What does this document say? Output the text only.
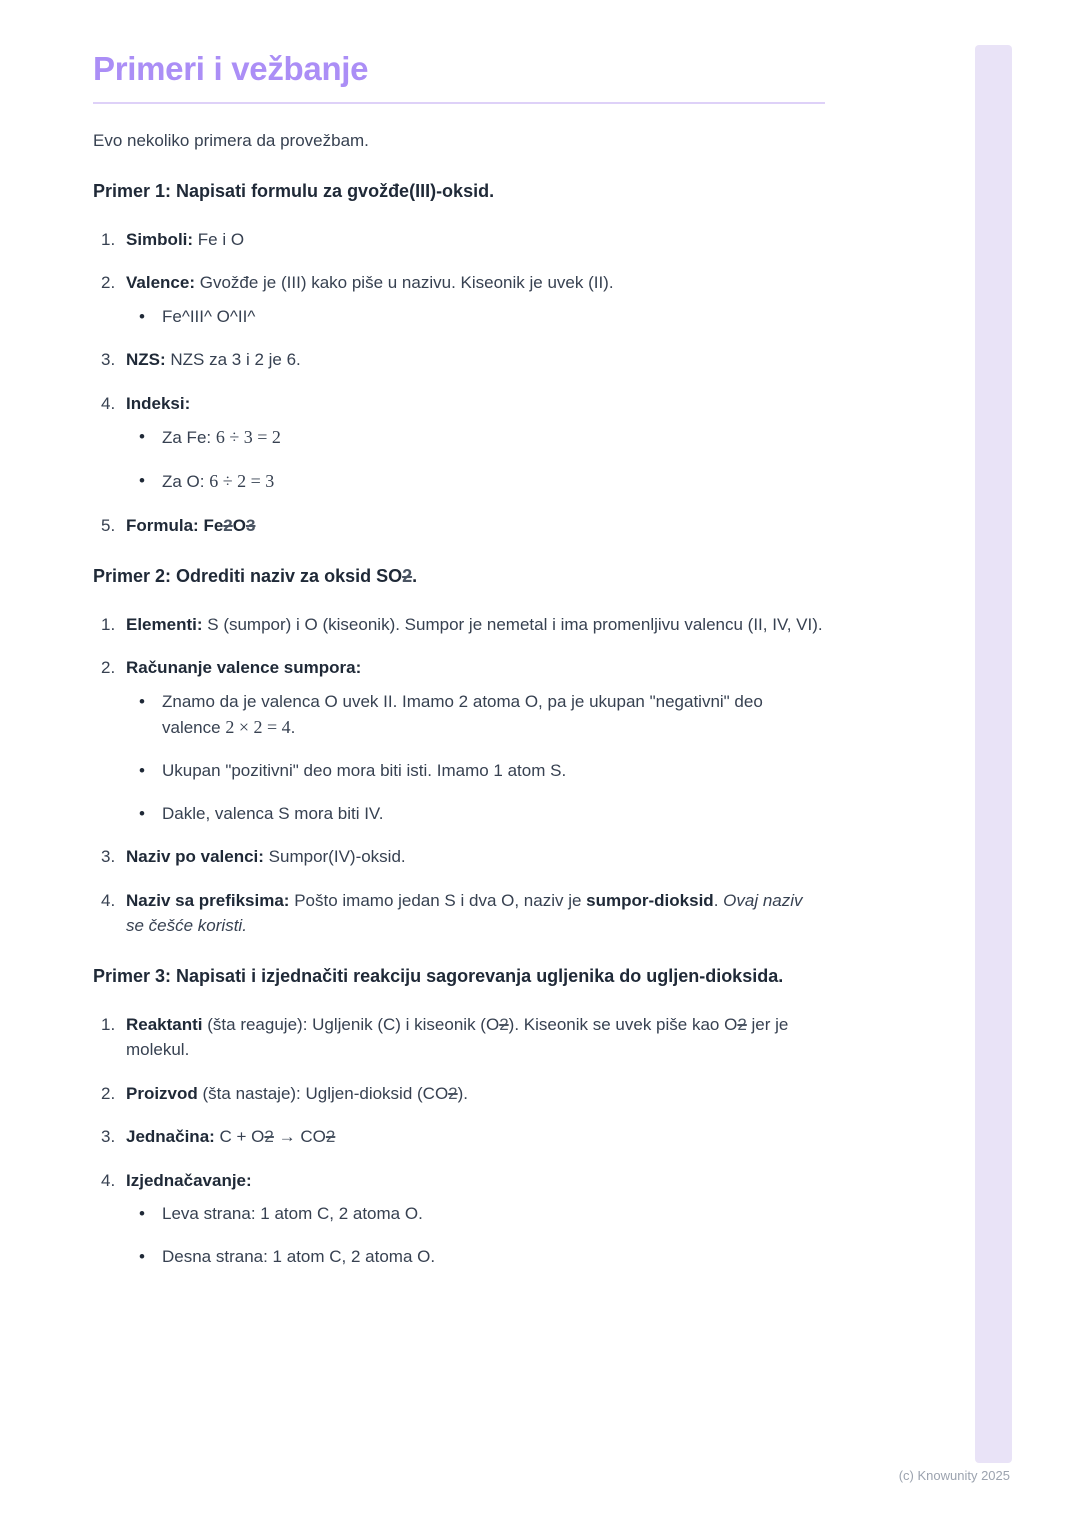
Primeri i vežbanje

Evo nekoliko primera da provežbam.

Primer 1: Napisati formulu za gvožđe(III)-oksid.
Simboli: Fe i O
Valence: Gvožđe je (III) kako piše u nazivu. Kiseonik je uvek (II).
• Fe^III^ O^II^
NZS: NZS za 3 i 2 je 6.
Indeksi:
• Za Fe: 6 ÷ 3 = 2
• Za O: 6 ÷ 2 = 3
Formula: Fe2O3
Primer 2: Odrediti naziv za oksid SO2.
Elementi: S (sumpor) i O (kiseonik). Sumpor je nemetal i ima promenljivu valencu (II, IV, VI).
Računanje valence sumpora:
• Znamo da je valenca O uvek II. Imamo 2 atoma O, pa je ukupan "negativni" deo valence 2 × 2 = 4.
• Ukupan "pozitivni" deo mora biti isti. Imamo 1 atom S.
• Dakle, valenca S mora biti IV.
Naziv po valenci: Sumpor(IV)-oksid.
Naziv sa prefiksima: Pošto imamo jedan S i dva O, naziv je sumpor-dioksid. Ovaj naziv se češće koristi.
Primer 3: Napisati i izjednačiti reakciju sagorevanja ugljenika do ugljen-dioksida.
Reaktanti (šta reaguje): Ugljenik (C) i kiseonik (O2). Kiseonik se uvek piše kao O2 jer je molekul.
Proizvod (šta nastaje): Ugljen-dioksid (CO2).
Jednačina: C + O2 → CO2
Izjednačavanje:
• Leva strana: 1 atom C, 2 atoma O.
• Desna strana: 1 atom C, 2 atoma O.
(c) Knowunity 2025
